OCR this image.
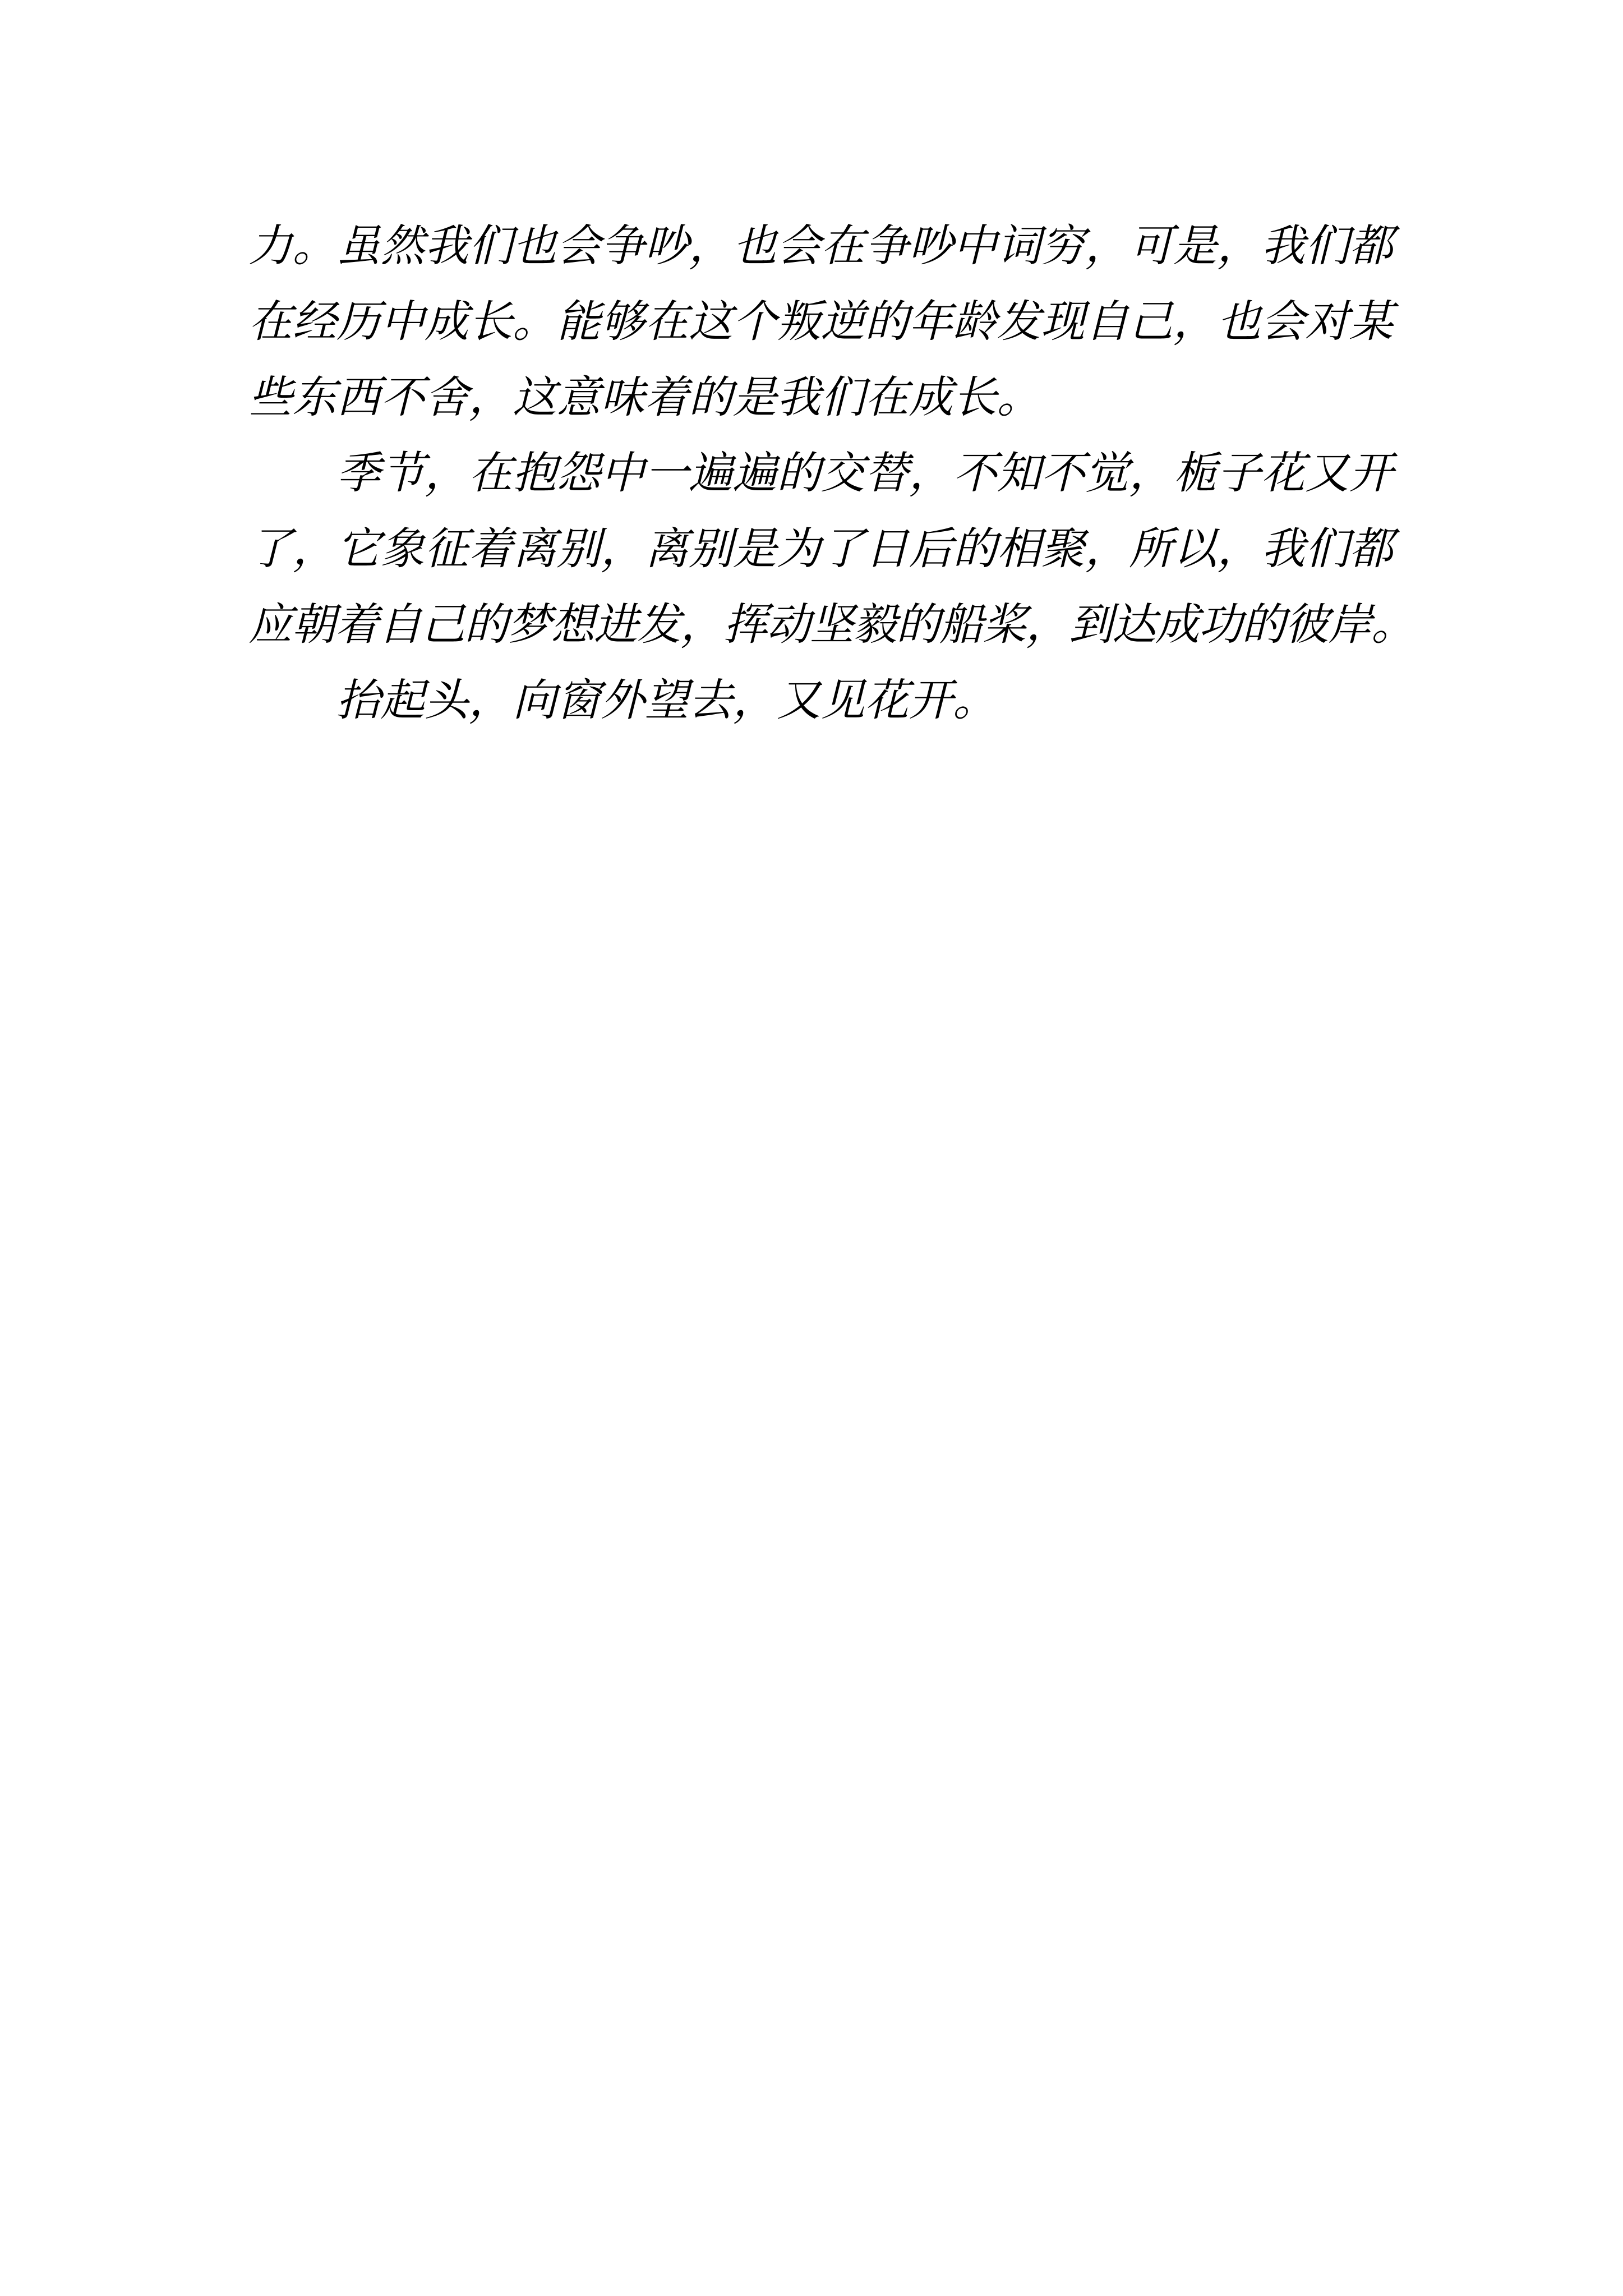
力。虽然我们也会争吵，也会在争吵中词穷，可是，我们都
在经历中成长。能够在这个叛逆的年龄发现自己，也会对某
些东西不舍，这意味着的是我们在成长。
季节，在抱怨中一遍遍的交替，不知不觉，栀子花又开
了，它象征着离别，离别是为了日后的相聚，所以，我们都
应朝着自己的梦想进发，挥动坚毅的船桨，到达成功的彼岸。
抬起头，向窗外望去，又见花开。
